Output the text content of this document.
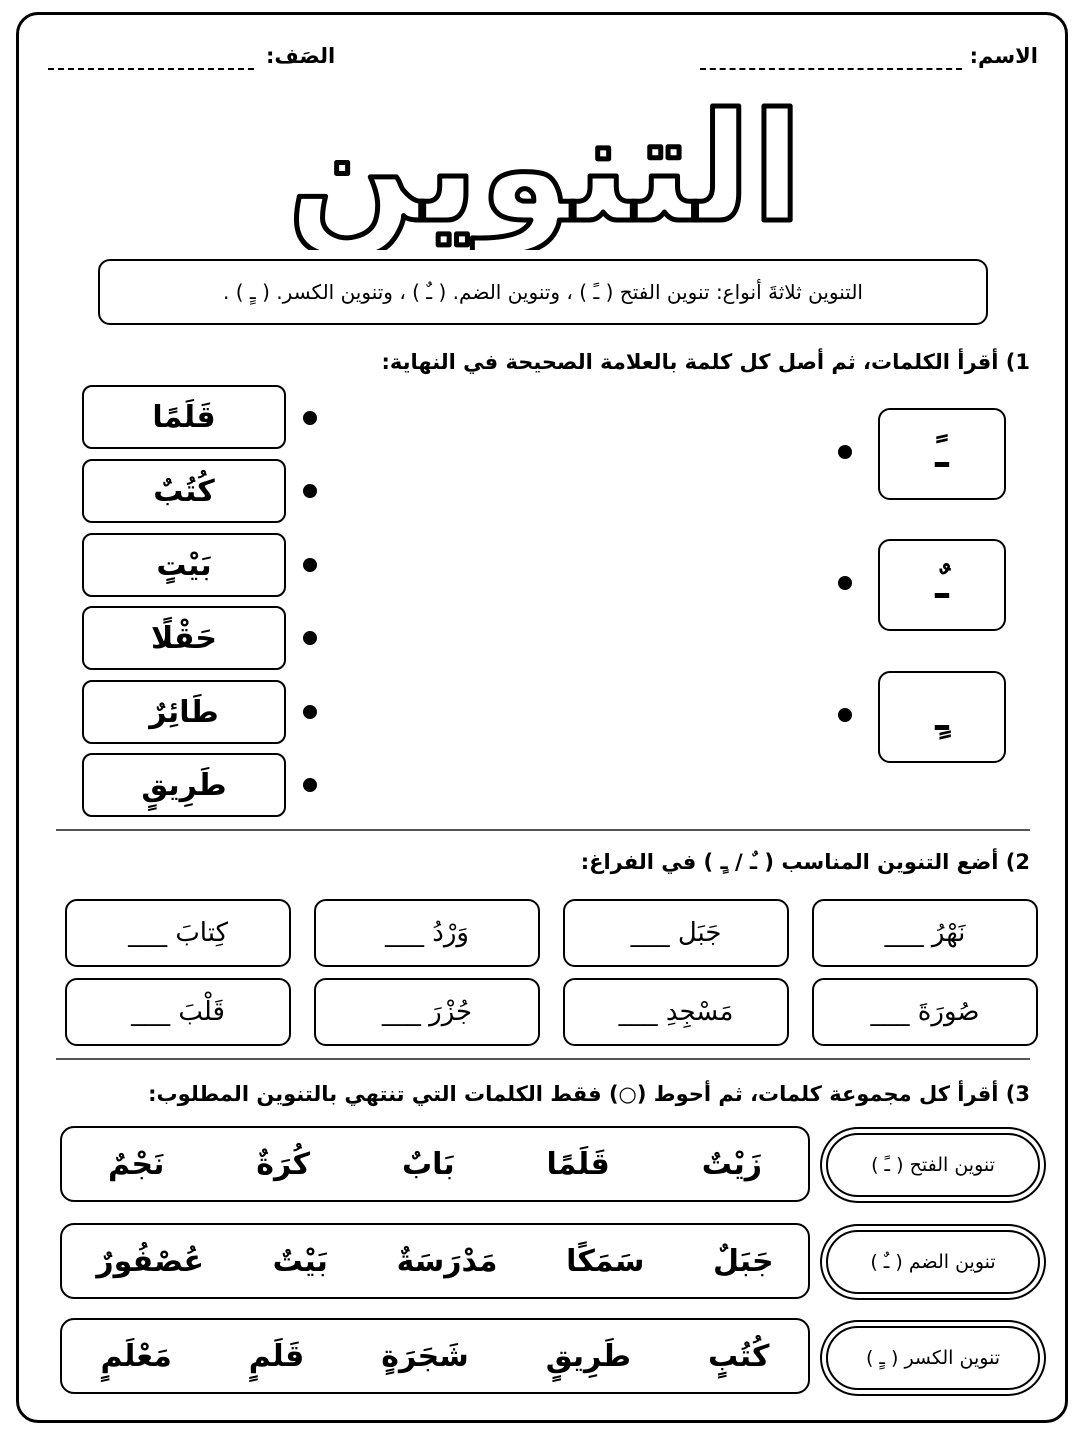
الاسم:
الصَف:
التنوين
التنوين ثلاثةَ أنواع: تنوين الفتح ( ـً ) ، وتنوين الضم. ( ـٌ ) ، وتنوين الكسر. ( ـٍ ) .
1) أقرأ الكلمات، ثم أصل كل كلمة بالعلامة الصحيحة في النهاية:
قَلَمًا
كُتُبٌ
بَيْتٍ
حَقْلًا
طَائِرٌ
طَرِيقٍ
ـً
ـٌ
ـٍ
2) أضع التنوين المناسب ( ـٌ / ـٍ ) في الفراغ:
نَهْرُ ___
جَبَل ___
وَرْدُ ___
كِتابَ ___
صُورَةَ ___
مَسْجِدِ ___
جُزْرَ ___
قَلْبَ ___
3) أقرأ كل مجموعة كلمات، ثم أحوط (○) فقط الكلمات التي تنتهي بالتنوين المطلوب:
تنوين الفتح ( ـً )
زَيْتٌ
قَلَمًا
بَابٌ
كُرَةٌ
نَجْمٌ
تنوين الضم ( ـٌ )
جَبَلٌ
سَمَكًا
مَدْرَسَةٌ
بَيْتٌ
عُصْفُورٌ
تنوين الكسر ( ـٍ )
كُتُبٍ
طَرِيقٍ
شَجَرَةٍ
قَلَمٍ
مَعْلَمٍ
